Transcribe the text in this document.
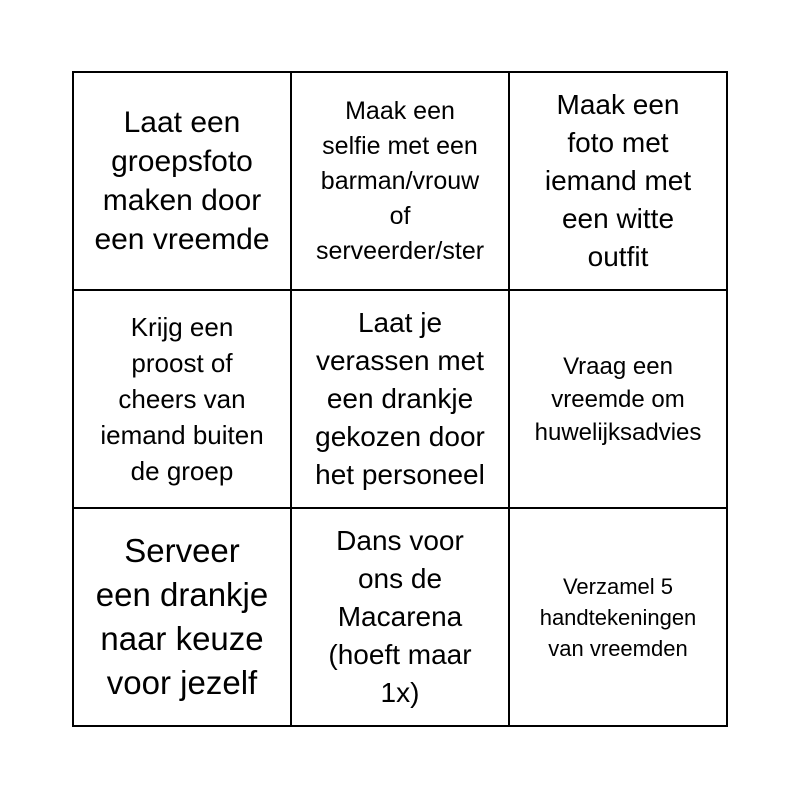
Laat een
groepsfoto
maken door
een vreemde
Maak een
selfie met een
barman/vrouw
of
serveerder/ster
Maak een
foto met
iemand met
een witte
outfit
Krijg een
proost of
cheers van
iemand buiten
de groep
Laat je
verassen met
een drankje
gekozen door
het personeel
Vraag een
vreemde om
huwelijksadvies
Serveer
een drankje
naar keuze
voor jezelf
Dans voor
ons de
Macarena
(hoeft maar
1x)
Verzamel 5
handtekeningen
van vreemden
